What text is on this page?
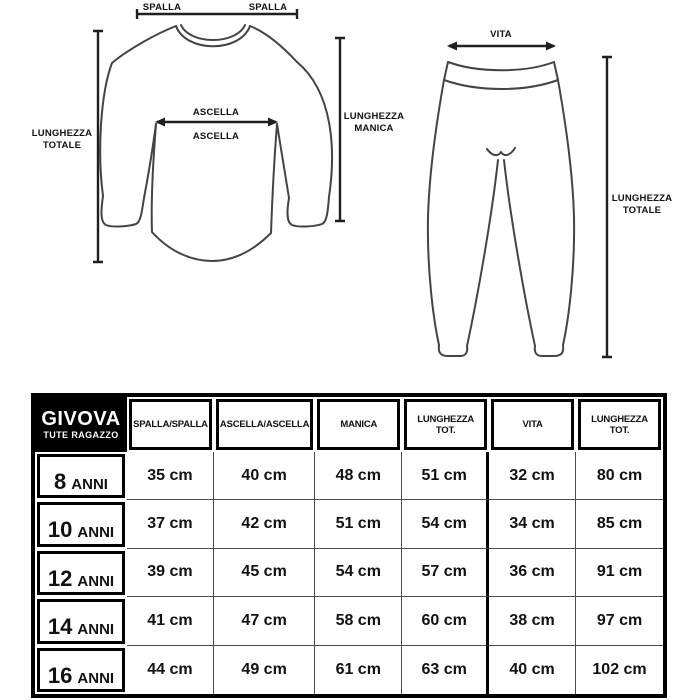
SPALLA	SPALLA
ASCELLA
ASCELLA
LUNGHEZZA
TOTALE
LUNGHEZZA
MANICA
VITA
LUNGHEZZA
TOTALE
GIVOVA
TUTE RAGAZZO
SPALLA/SPALLA	ASCELLA/ASCELLA	MANICA	LUNGHEZZA TOT.	VITA	LUNGHEZZA TOT.
8 ANNI
35 cm	40 cm	48 cm	51 cm	32 cm	80 cm
10 ANNI
37 cm	42 cm	51 cm	54 cm	34 cm	85 cm
12 ANNI
39 cm	45 cm	54 cm	57 cm	36 cm	91 cm
14 ANNI
41 cm	47 cm	58 cm	60 cm	38 cm	97 cm
16 ANNI
44 cm	49 cm	61 cm	63 cm	40 cm	102 cm
